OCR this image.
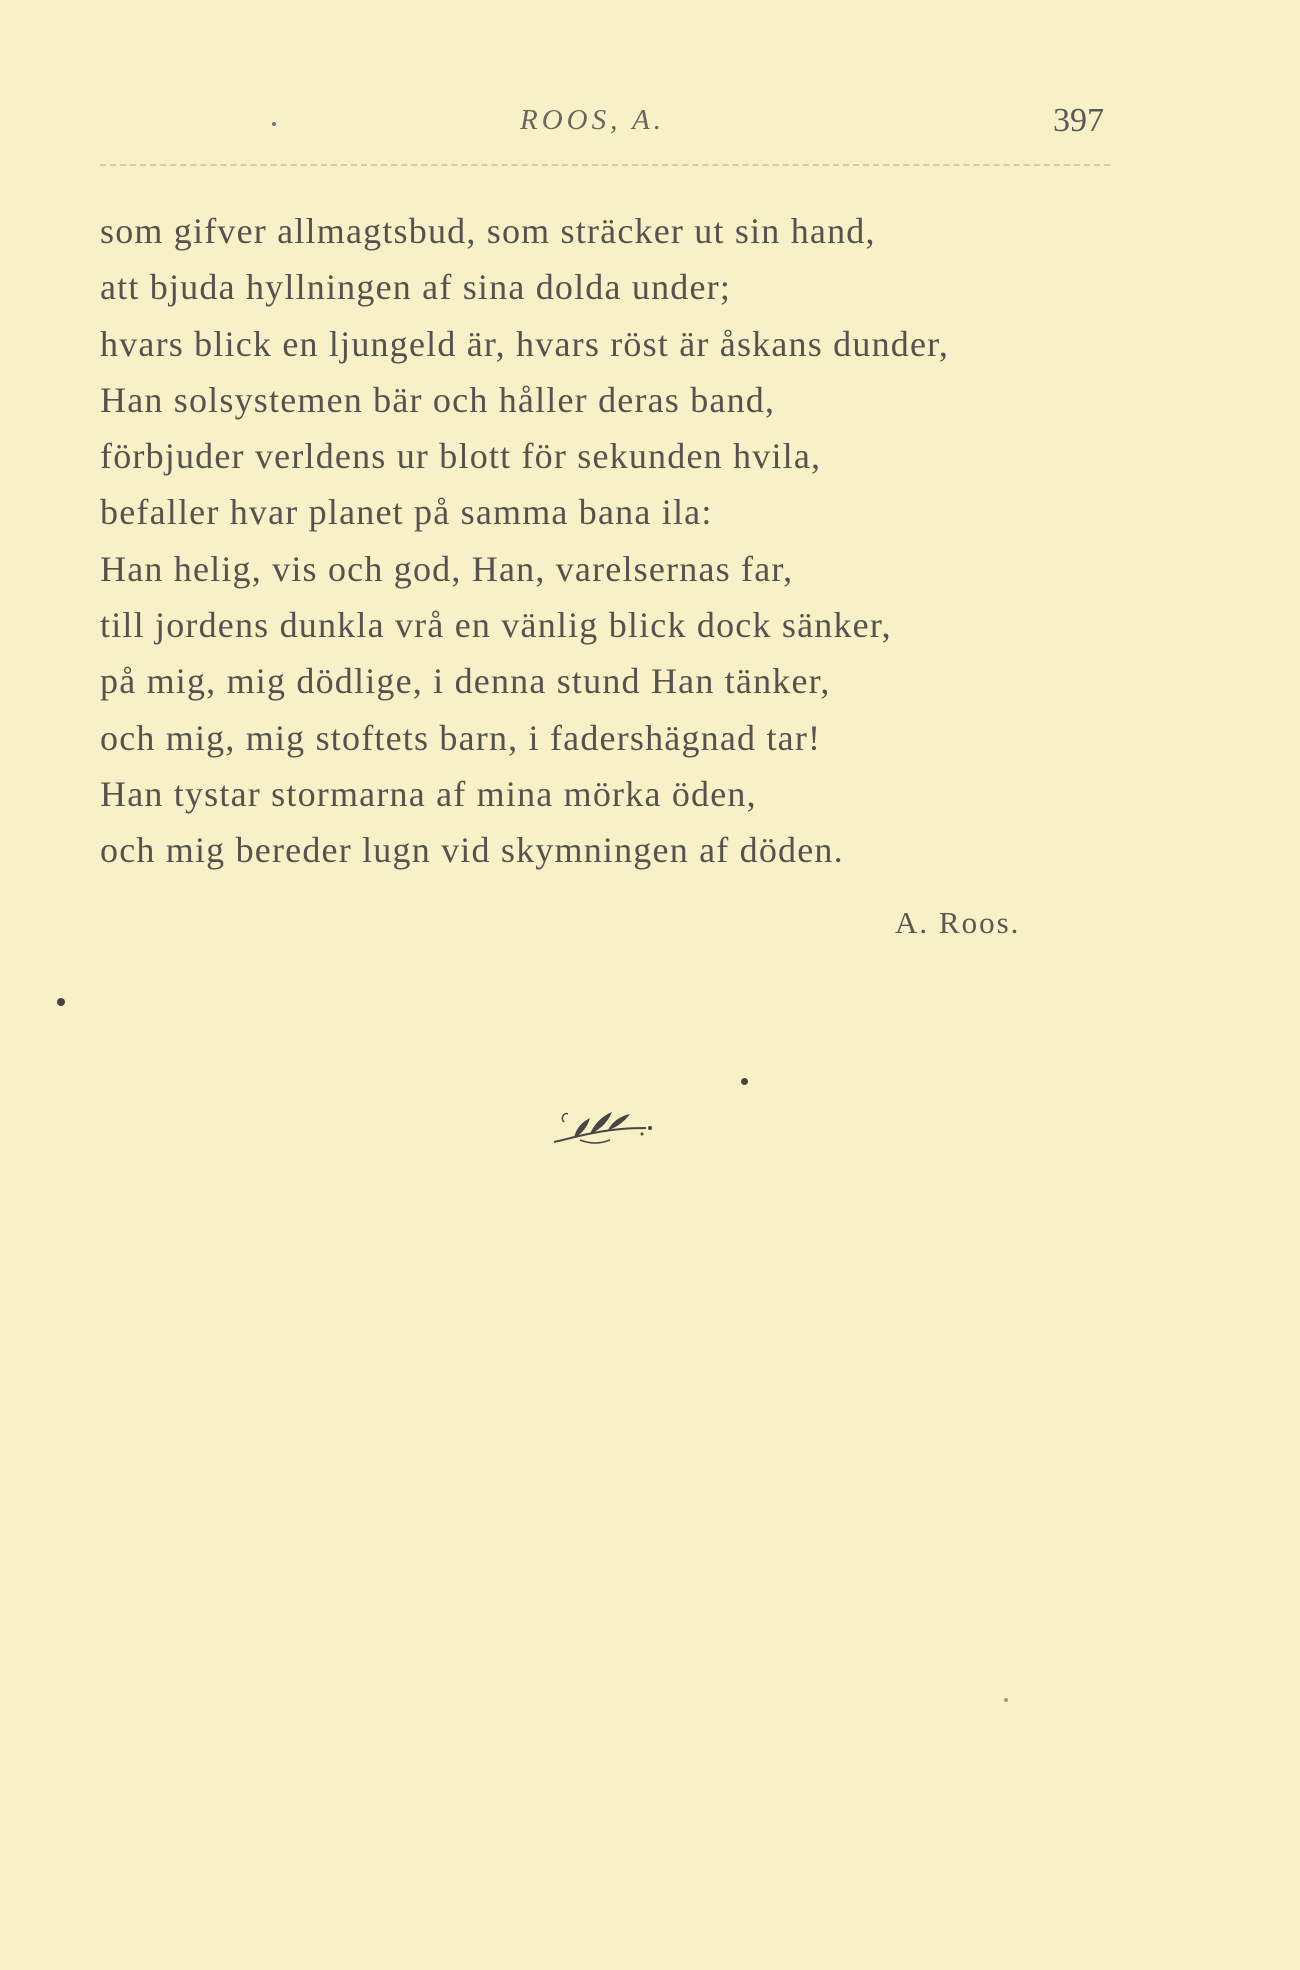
ROOS, A.	397
som gifver allmagtsbud, som sträcker ut sin hand,
att bjuda hyllningen af sina dolda under;
hvars blick en ljungeld är, hvars röst är åskans dunder,
Han solsystemen bär och håller deras band,
förbjuder verldens ur blott för sekunden hvila,
befaller hvar planet på samma bana ila:
Han helig, vis och god, Han, varelsernas far,
till jordens dunkla vrå en vänlig blick dock sänker,
på mig, mig dödlige, i denna stund Han tänker,
och mig, mig stoftets barn, i fadershägnad tar!
Han tystar stormarna af mina mörka öden,
och mig bereder lugn vid skymningen af döden.
A. Roos.
